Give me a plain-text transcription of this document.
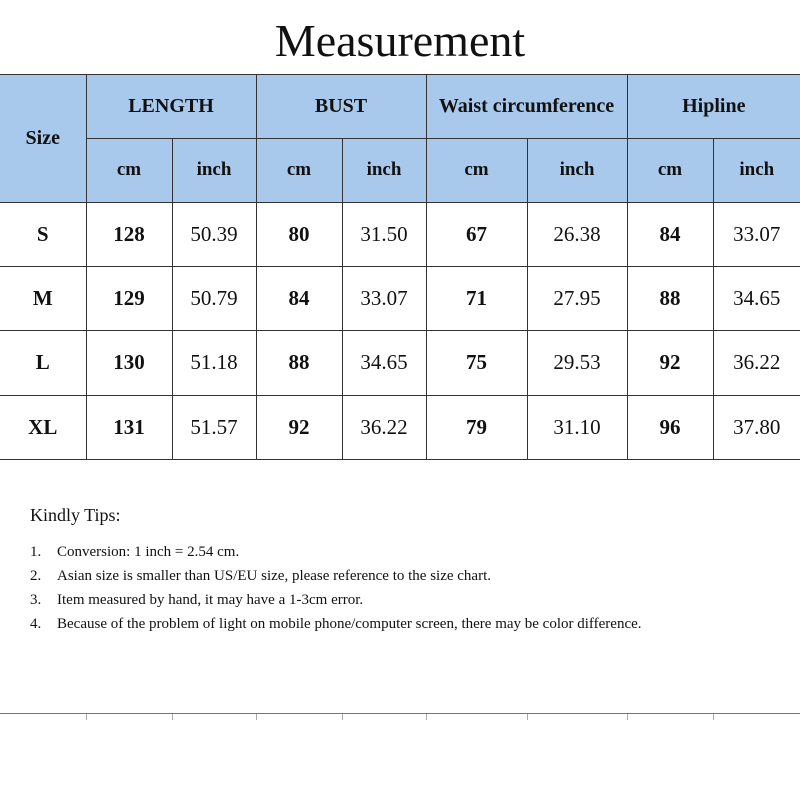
Measurement
Size	LENGTH		BUST		Waist circumference		Hipline	
	cm	inch	cm	inch	cm	inch	cm	inch
S	128	50.39	80	31.50	67	26.38	84	33.07
M	129	50.79	84	33.07	71	27.95	88	34.65
L	130	51.18	88	34.65	75	29.53	92	36.22
XL	131	51.57	92	36.22	79	31.10	96	37.80
Kindly Tips:
1. Conversion: 1 inch = 2.54 cm.
2. Asian size is smaller than US/EU size, please reference to the size chart.
3. Item measured by hand, it may have a 1-3cm error.
4. Because of the problem of light on mobile phone/computer screen, there may be color difference.
